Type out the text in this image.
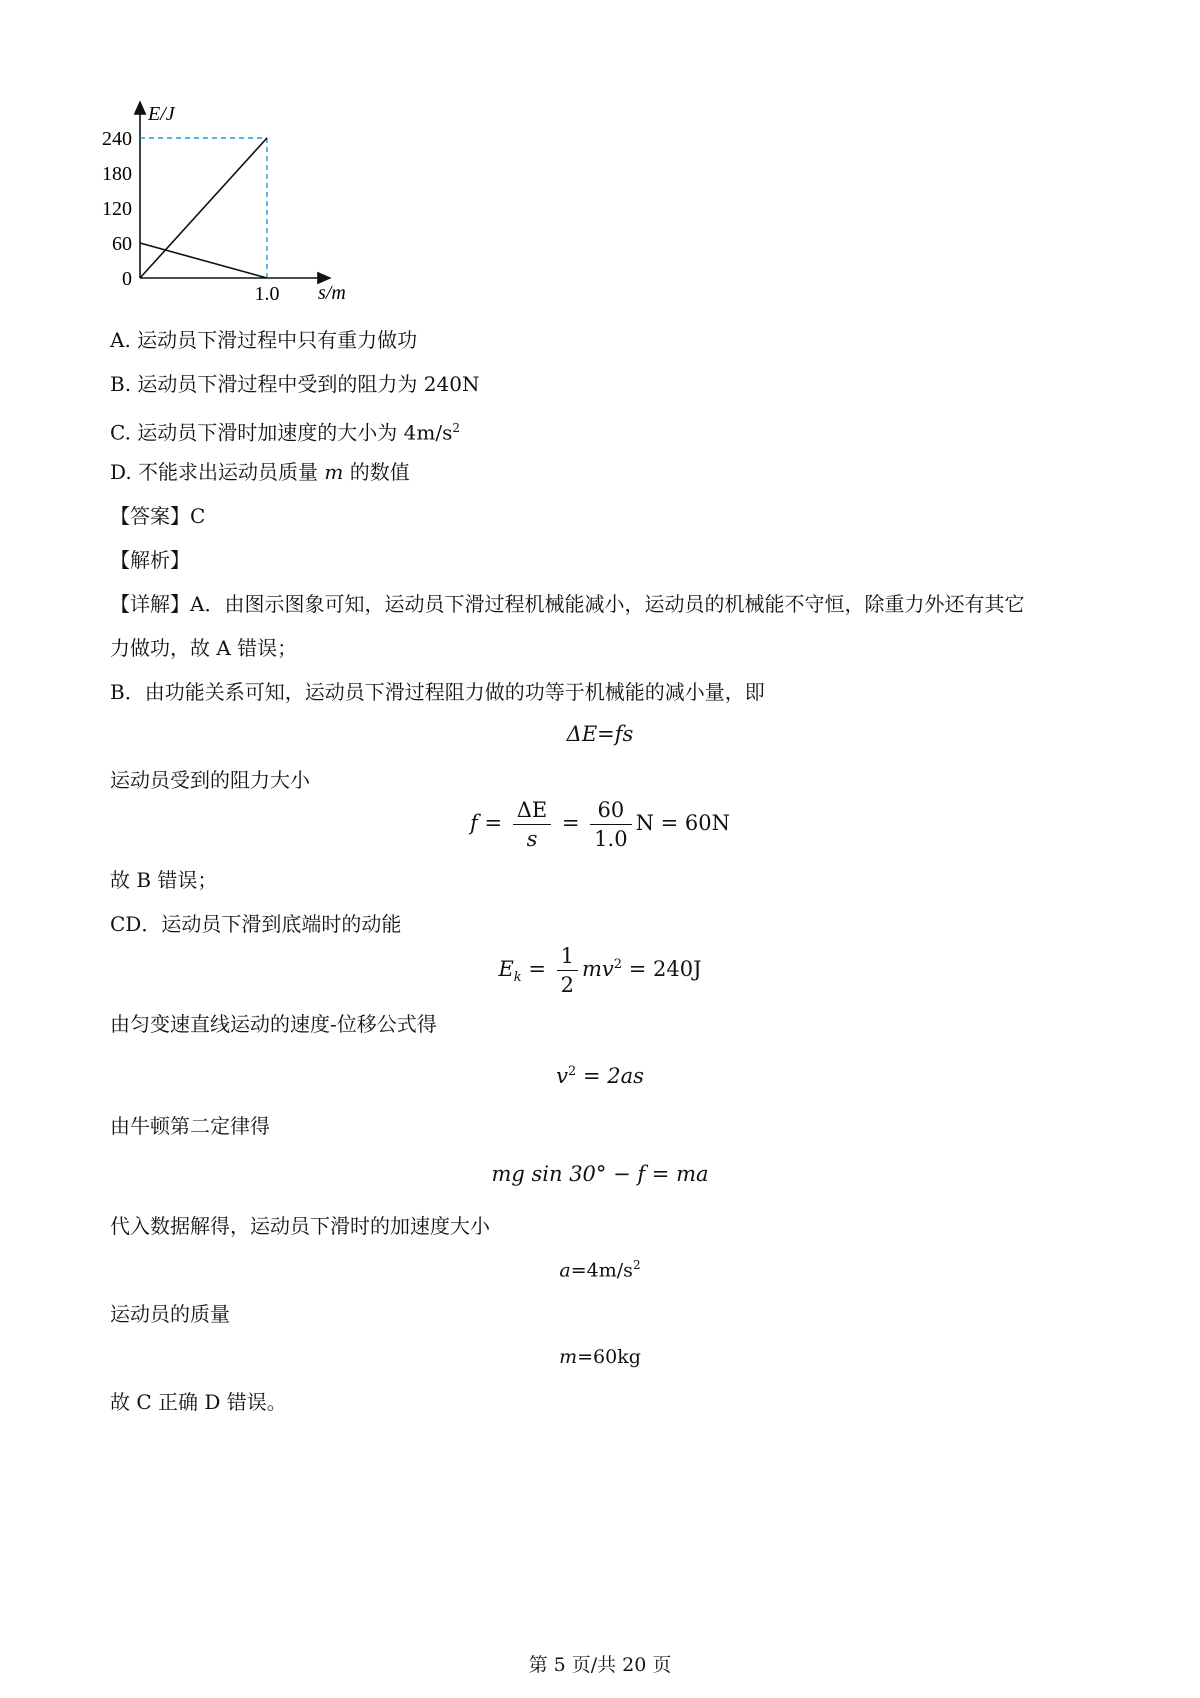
240
180
120
60
0
E/J
s/m
1.0
A. 运动员下滑过程中只有重力做功
B. 运动员下滑过程中受到的阻力为 240N
C. 运动员下滑时加速度的大小为 $4m/s^2$
D. 不能求出运动员质量 m 的数值
【答案】C
【解析】
【详解】A．由图示图象可知，运动员下滑过程机械能减小，运动员的机械能不守恒，除重力外还有其它
力做功，故 A 错误；
B．由功能关系可知，运动员下滑过程阻力做的功等于机械能的减小量，即
ΔE=fs
运动员受到的阻力大小
$f = \frac{\Delta E}{s} = \frac{60}{1.0}$ N = 60N
故 B 错误；
CD．运动员下滑到底端时的动能
$E_k = \frac{1}{2} mv^2 = 240J$
由匀变速直线运动的速度-位移公式得
$v^2 = 2as$
由牛顿第二定律得
mg sin 30° − f = ma
代入数据解得，运动员下滑时的加速度大小
$a=4m/s^2$
运动员的质量
m=60kg
故 C 正确 D 错误。
第 5 页/共 20 页
